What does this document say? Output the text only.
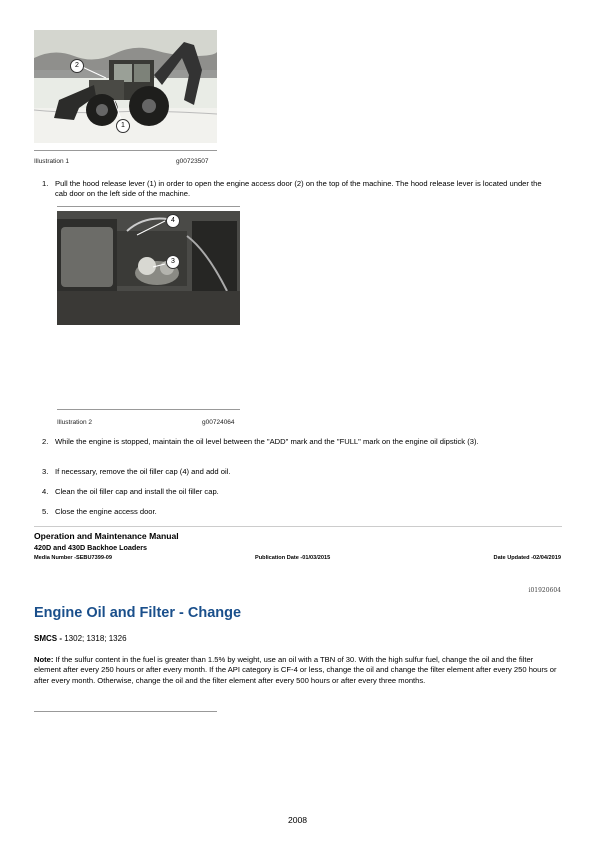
2
1
Illustration 1	g00723507
1. Pull the hood release lever (1) in order to open the engine access door (2) on the top of the machine. The hood release lever is located under the cab door on the left side of the machine.
4
3
Illustration 2	g00724064
2. While the engine is stopped, maintain the oil level between the "ADD" mark and the "FULL" mark on the engine oil dipstick (3).
3. If necessary, remove the oil filler cap (4) and add oil.
4. Clean the oil filler cap and install the oil filler cap.
5. Close the engine access door.
Operation and Maintenance Manual
420D and 430D Backhoe Loaders
Media Number -SEBU7399-09	Publication Date -01/03/2015	Date Updated -02/04/2019
i01920604
Engine Oil and Filter - Change
SMCS - 1302; 1318; 1326
Note: If the sulfur content in the fuel is greater than 1.5% by weight, use an oil with a TBN of 30. With the high sulfur fuel, change the oil and the filter element after every 250 hours or after every month. If the API category is CF-4 or less, change the oil and change the filter element after every 250 hours or after every month. Otherwise, change the oil and the filter element after every 500 hours or after every three months.
2008
